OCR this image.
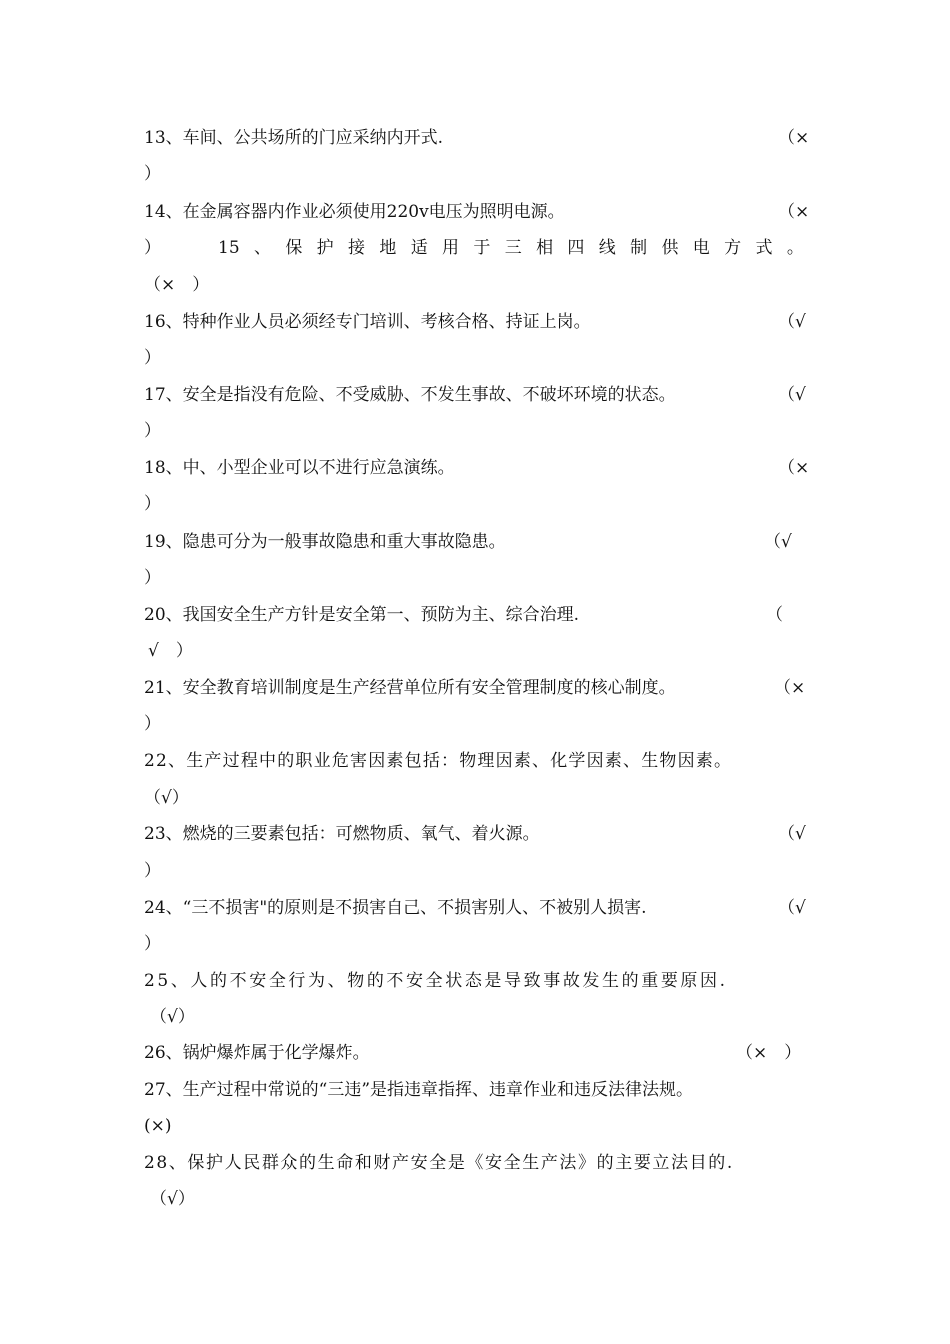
13、车间、公共场所的门应采纳内开式.	（×
）
14、在金属容器内作业必须使用220v电压为照明电源。	（×
）	15 、 保 护 接 地 适 用 于 三 相 四 线 制 供 电 方 式 。
（×　）
16、特种作业人员必须经专门培训、考核合格、持证上岗。	（√
）
17、安全是指没有危险、不受威胁、不发生事故、不破坏环境的状态。	（√
）
18、中、小型企业可以不进行应急演练。	（×
）
19、隐患可分为一般事故隐患和重大事故隐患。	（√
）
20、我国安全生产方针是安全第一、预防为主、综合治理.	（
√　）
21、安全教育培训制度是生产经营单位所有安全管理制度的核心制度。	（×
）
22、生产过程中的职业危害因素包括：物理因素、化学因素、生物因素。
（√）
23、燃烧的三要素包括：可燃物质、氧气、着火源。	（√
）
24、“三不损害"的原则是不损害自己、不损害别人、不被别人损害.	（√
）
25、人的不安全行为、物的不安全状态是导致事故发生的重要原因.
（√）
26、锅炉爆炸属于化学爆炸。	（×　）
27、生产过程中常说的“三违”是指违章指挥、违章作业和违反法律法规。
(×)
28、保护人民群众的生命和财产安全是《安全生产法》的主要立法目的.
（√）
